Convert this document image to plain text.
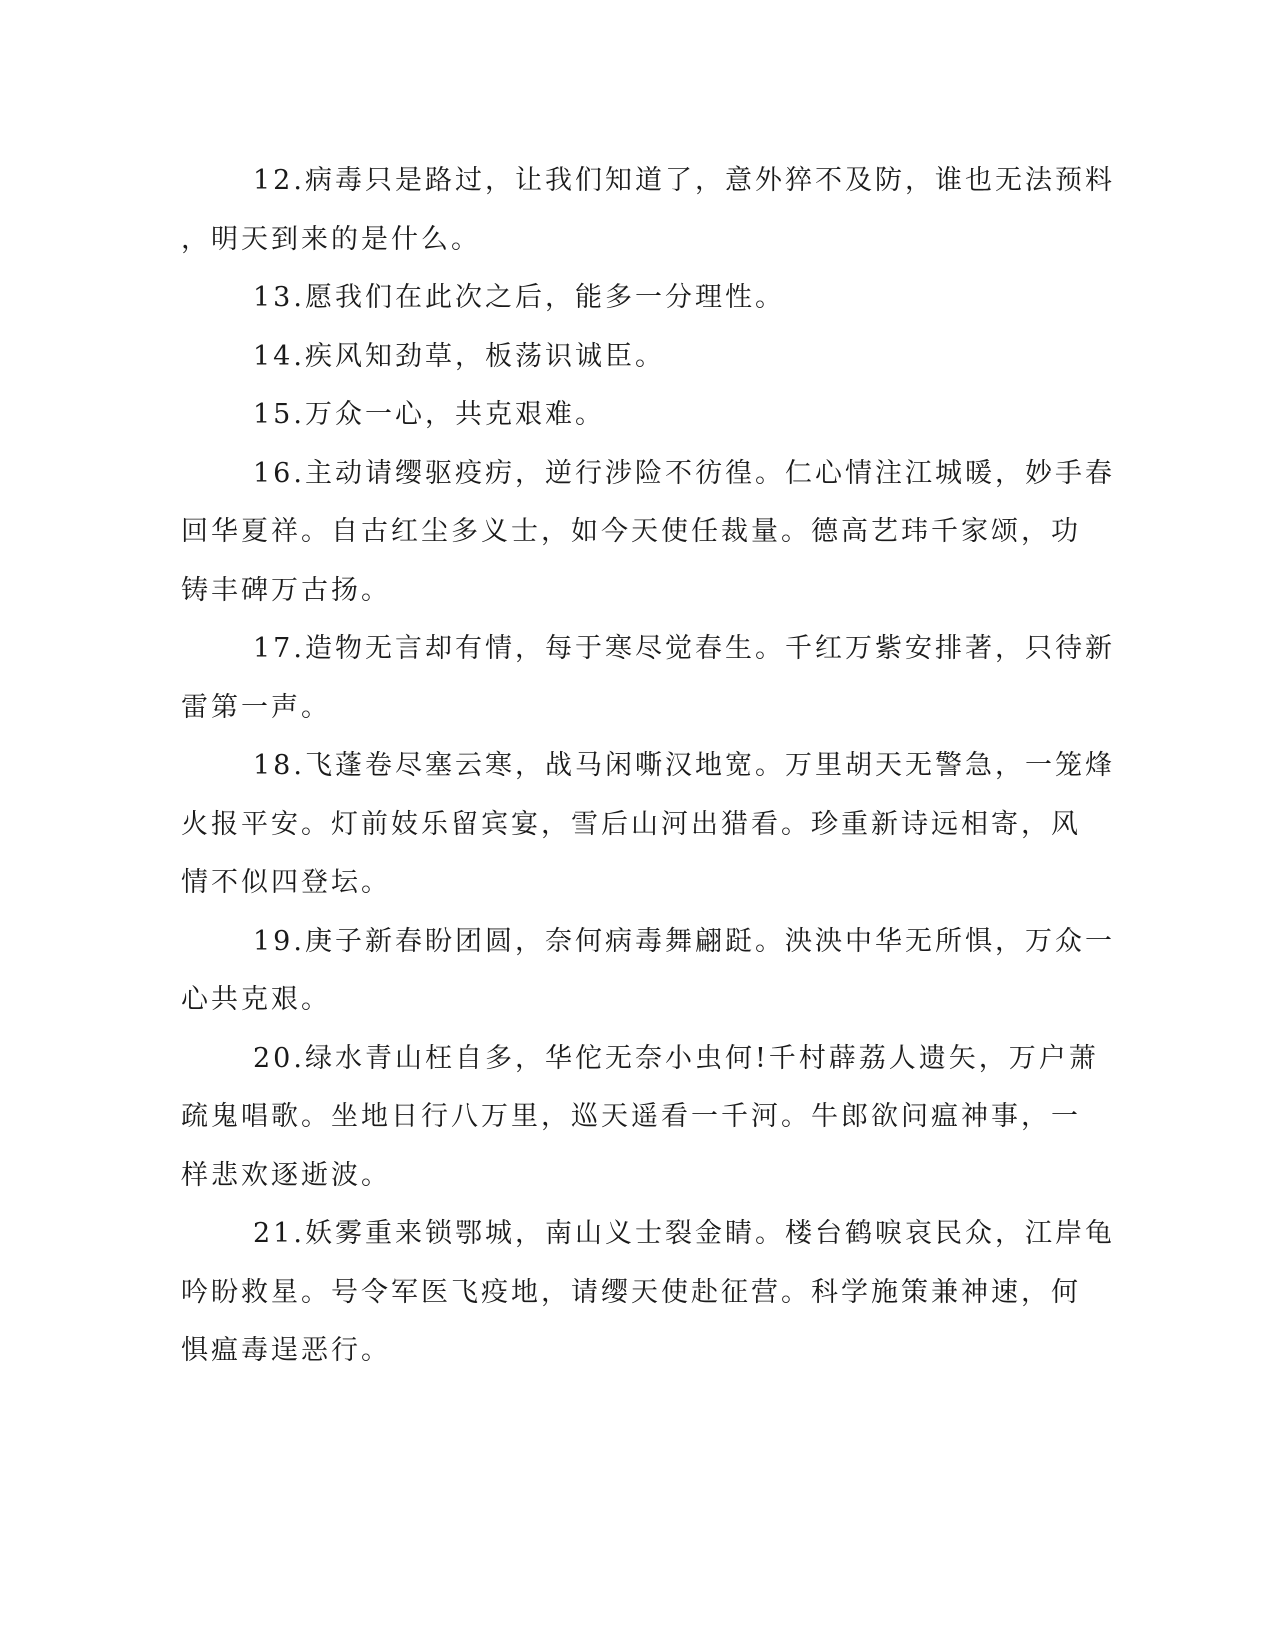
12.病毒只是路过，让我们知道了，意外猝不及防，谁也无法预料
，明天到来的是什么。
13.愿我们在此次之后，能多一分理性。
14.疾风知劲草，板荡识诚臣。
15.万众一心，共克艰难。
16.主动请缨驱疫疠，逆行涉险不彷徨。仁心情注江城暖，妙手春
回华夏祥。自古红尘多义士，如今天使任裁量。德高艺玮千家颂，功
铸丰碑万古扬。
17.造物无言却有情，每于寒尽觉春生。千红万紫安排著，只待新
雷第一声。
18.飞蓬卷尽塞云寒，战马闲嘶汉地宽。万里胡天无警急，一笼烽
火报平安。灯前妓乐留宾宴，雪后山河出猎看。珍重新诗远相寄，风
情不似四登坛。
19.庚子新春盼团圆，奈何病毒舞翩跹。泱泱中华无所惧，万众一
心共克艰。
20.绿水青山枉自多，华佗无奈小虫何!千村薜荔人遗矢，万户萧
疏鬼唱歌。坐地日行八万里，巡天遥看一千河。牛郎欲问瘟神事，一
样悲欢逐逝波。
21.妖雾重来锁鄂城，南山义士裂金睛。楼台鹤唳哀民众，江岸龟
吟盼救星。号令军医飞疫地，请缨天使赴征营。科学施策兼神速，何
惧瘟毒逞恶行。
